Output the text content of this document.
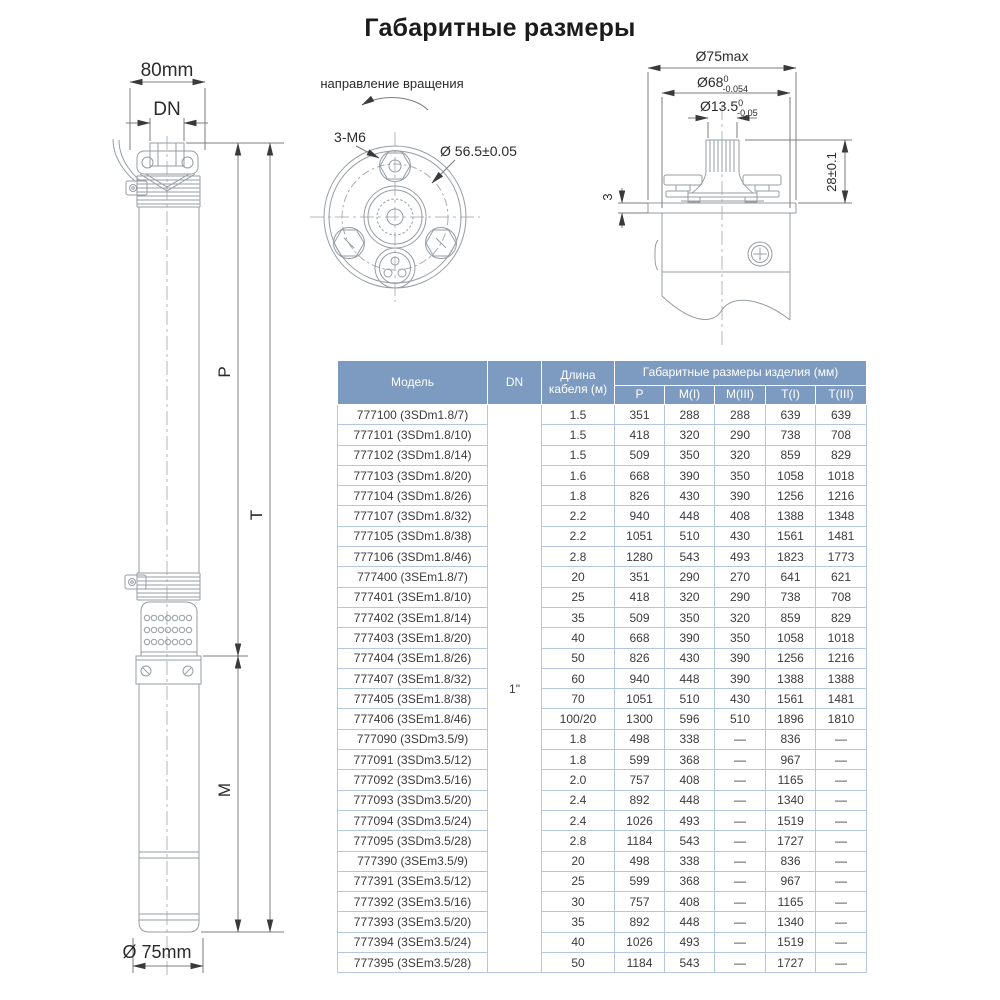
Габаритные размеры
80mm
DN
P
T
M
Ø 75mm
направление вращения
3-M6
Ø 56.5±0.05
Ø75max
$Ø68^0$ -0.054
Ø13.5$^0$ -0.05
28±0.1
3
Модель	DN	Длина кабеля (м)	Габаритные размеры изделия (мм)				
			P	M(I)	M(III)	T(I)	T(III)
777100 (3SDm1.8/7)	1"	1.5	351	288	288	639	639
777101 (3SDm1.8/10)		1.5	418	320	290	738	708
777102 (3SDm1.8/14)		1.5	509	350	320	859	829
777103 (3SDm1.8/20)		1.6	668	390	350	1058	1018
777104 (3SDm1.8/26)		1.8	826	430	390	1256	1216
777107 (3SDm1.8/32)		2.2	940	448	408	1388	1348
777105 (3SDm1.8/38)		2.2	1051	510	430	1561	1481
777106 (3SDm1.8/46)		2.8	1280	543	493	1823	1773
777400 (3SEm1.8/7)		20	351	290	270	641	621
777401 (3SEm1.8/10)		25	418	320	290	738	708
777402 (3SEm1.8/14)		35	509	350	320	859	829
777403 (3SEm1.8/20)		40	668	390	350	1058	1018
777404 (3SEm1.8/26)		50	826	430	390	1256	1216
777407 (3SEm1.8/32)		60	940	448	390	1388	1388
777405 (3SEm1.8/38)		70	1051	510	430	1561	1481
777406 (3SEm1.8/46)		100/20	1300	596	510	1896	1810
777090 (3SDm3.5/9)		1.8	498	338	—	836	—
777091 (3SDm3.5/12)		1.8	599	368	—	967	—
777092 (3SDm3.5/16)		2.0	757	408	—	1165	—
777093 (3SDm3.5/20)		2.4	892	448	—	1340	—
777094 (3SDm3.5/24)		2.4	1026	493	—	1519	—
777095 (3SDm3.5/28)		2.8	1184	543	—	1727	—
777390 (3SEm3.5/9)		20	498	338	—	836	—
777391 (3SEm3.5/12)		25	599	368	—	967	—
777392 (3SEm3.5/16)		30	757	408	—	1165	—
777393 (3SEm3.5/20)		35	892	448	—	1340	—
777394 (3SEm3.5/24)		40	1026	493	—	1519	—
777395 (3SEm3.5/28)		50	1184	543	—	1727	—
